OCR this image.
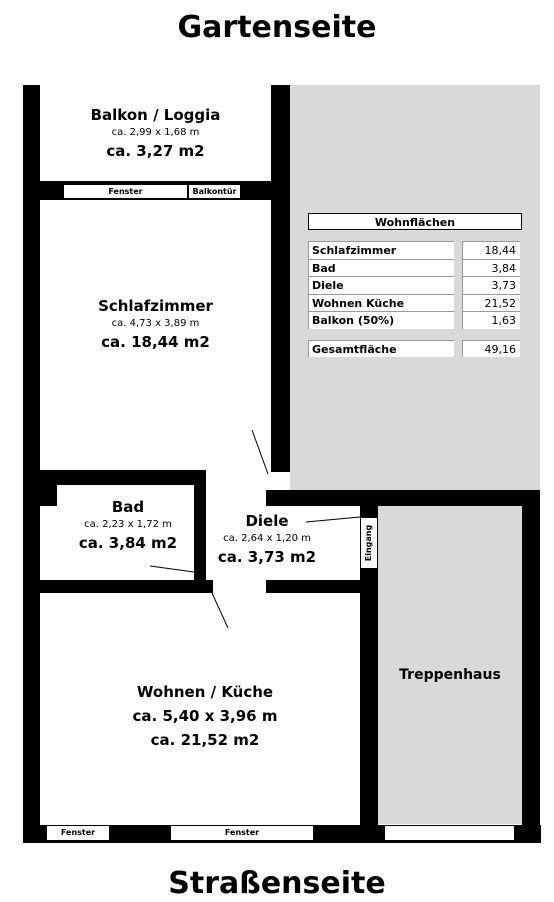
Gartenseite
Straßenseite
Fenster	Balkontür
Eingang
Fenster	Fenster
Balkon / Loggia
ca. 2,99 x 1,68 m
ca. 3,27 m2
Schlafzimmer
ca. 4,73 x 3,89 m
ca. 18,44 m2
Bad
ca. 2,23 x 1,72 m
ca. 3,84 m2
Diele
ca. 2,64 x 1,20 m
ca. 3,73 m2
Wohnen / Küche
ca. 5,40 x 3,96 m
ca. 21,52 m2
Treppenhaus
Wohnflächen
Schlafzimmer	18,44
Bad	3,84
Diele	3,73
Wohnen Küche	21,52
Balkon (50%)	1,63
Gesamtfläche	49,16
